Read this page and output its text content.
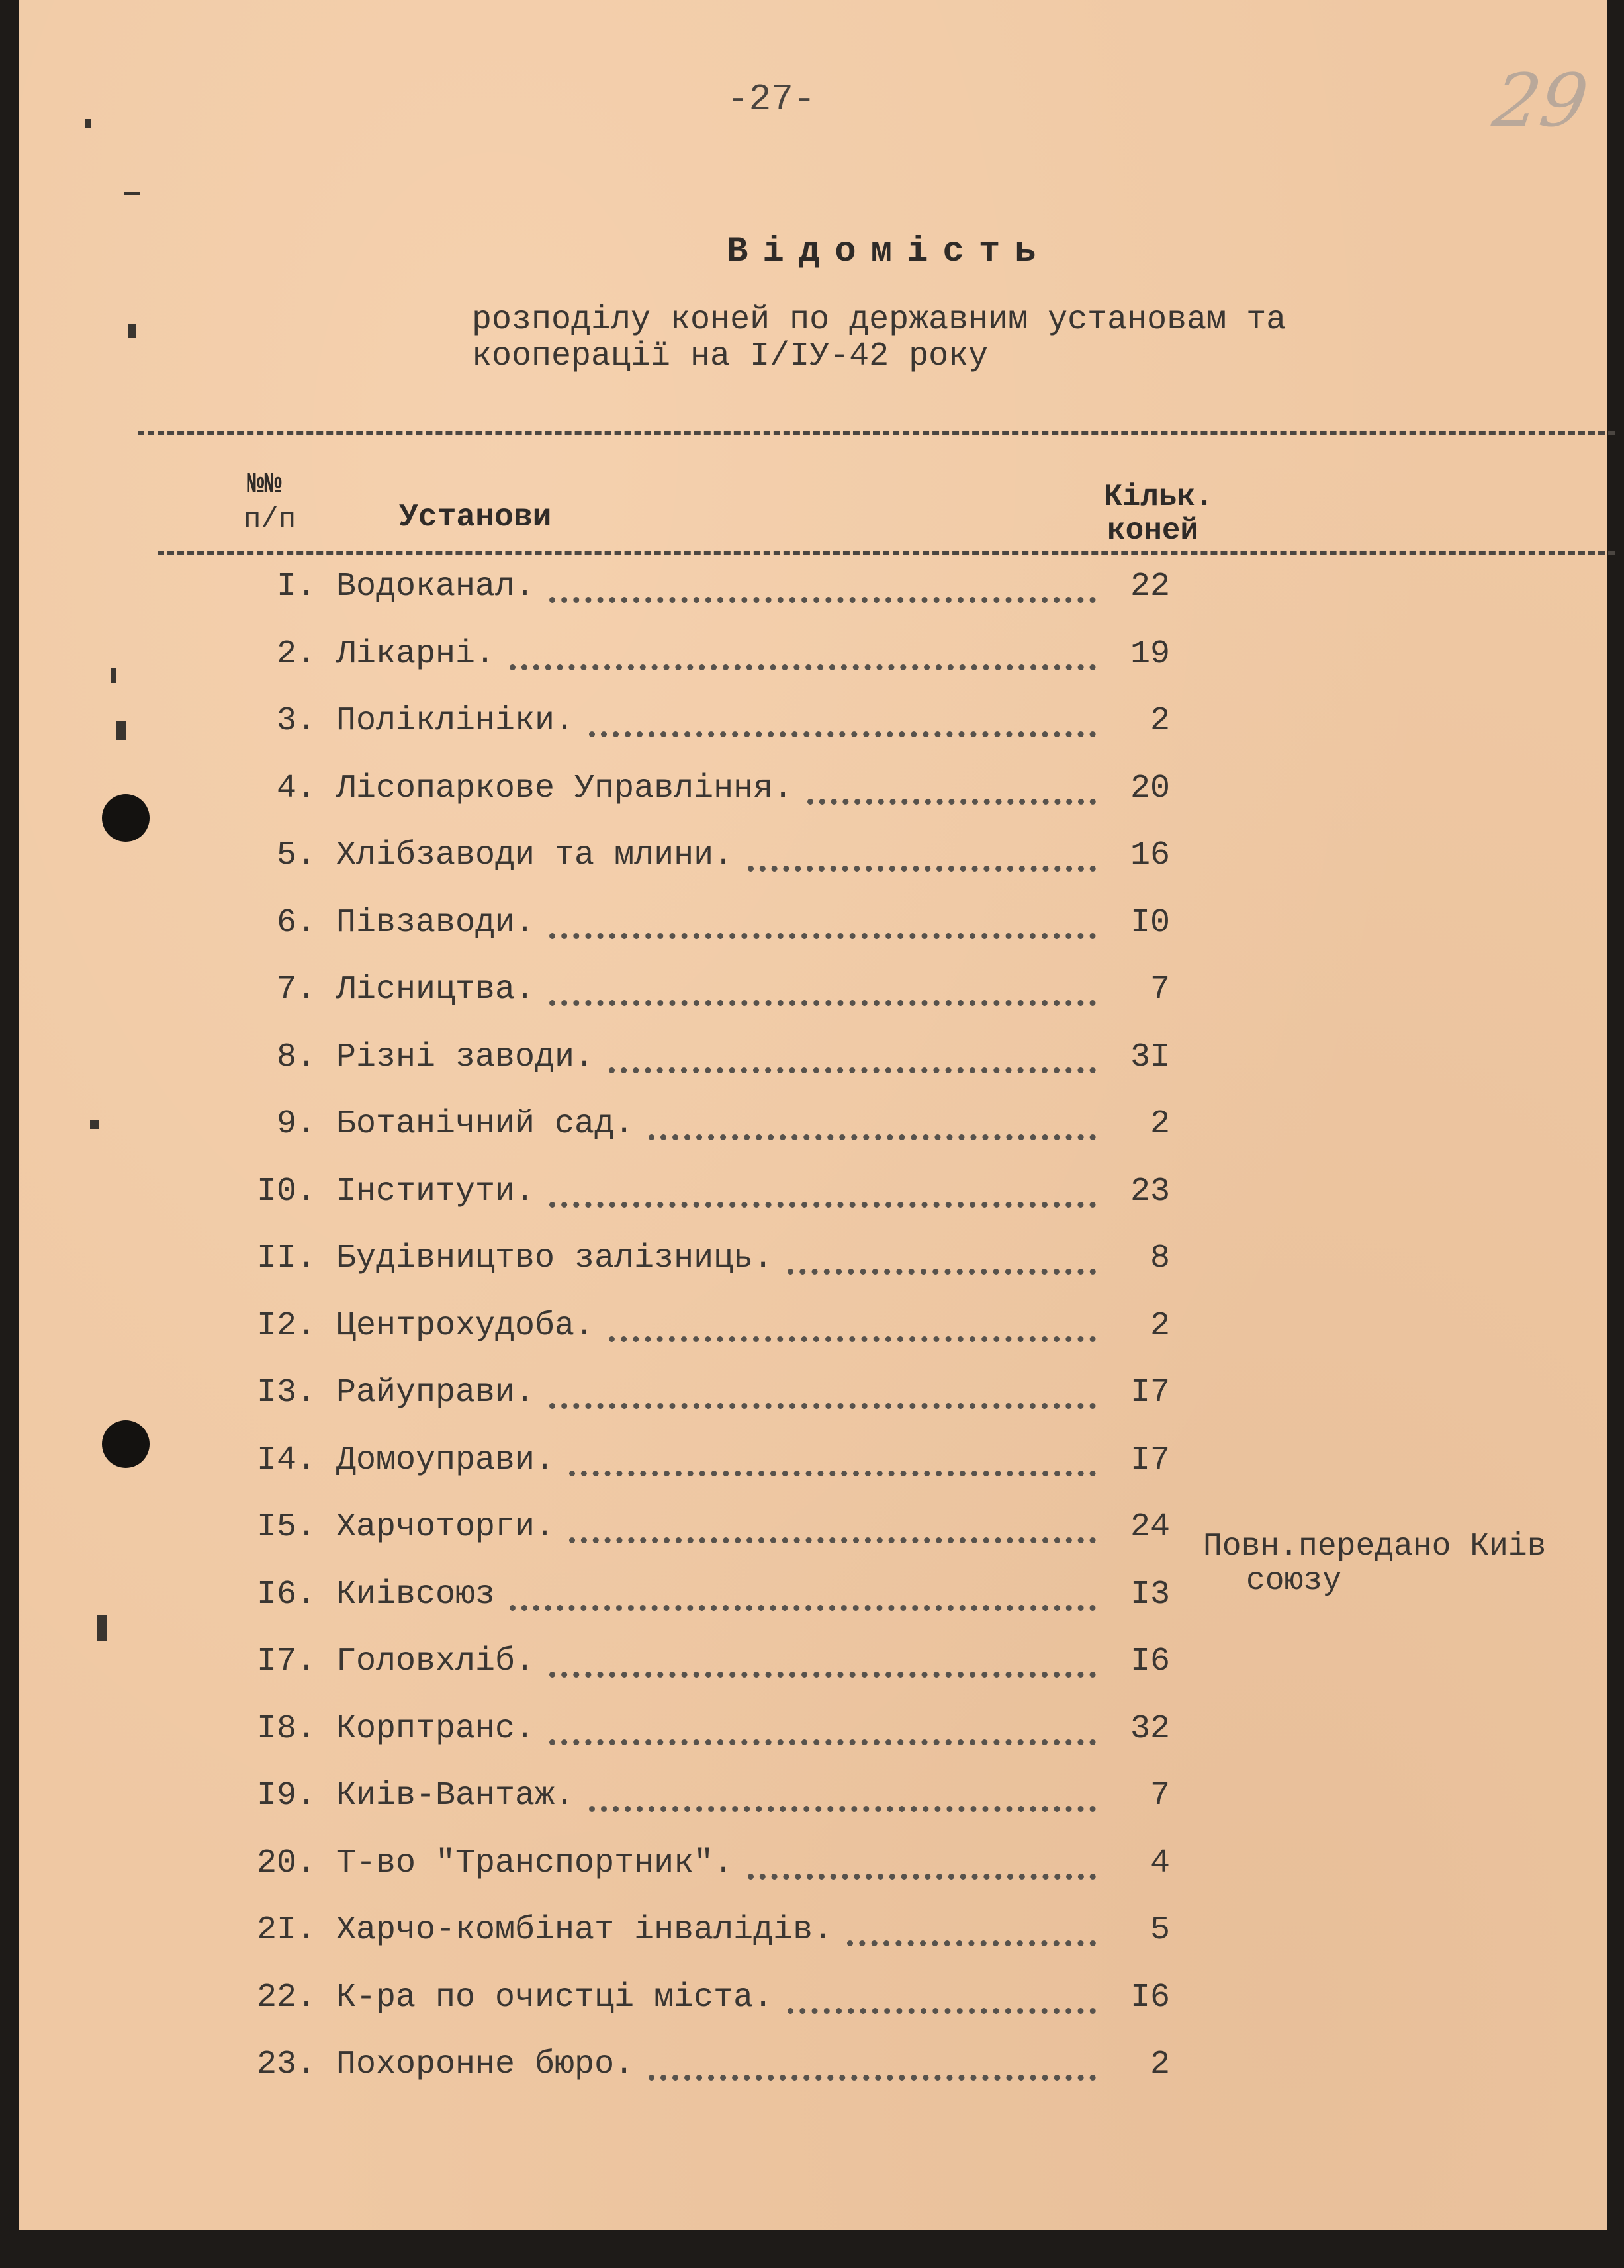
-27-	29
Відомість
розподілу коней по державним установам та
кооперації на І/ІУ-42 року
№№
п/п	Установи
Кільк.
коней
І. Водоканал.	22
2. Лікарні.	19
3. Поліклініки.	2
4. Лісопаркове Управління.	20
5. Хлібзаводи та млини.	16
6. Півзаводи.	І0
7. Лісництва.	7
8. Різні заводи.	3І
9. Ботанічний сад.	2
І0. Інститути.	23
ІІ. Будівництво залізниць.	8
І2. Центрохудоба.	2
І3. Райуправи.	І7
І4. Домоуправи.	І7
І5. Харчоторги.	24
І6. Киівсоюз	І3
І7. Головхліб.	І6
І8. Корптранс.	32
І9. Киів-Вантаж.	7
20. Т-во "Транспортник".	4
2І. Харчо-комбінат інвалідів.	5
22. К-ра по очистці міста.	І6
23. Похоронне бюро.	2
Повн.передано Киів
союзу
